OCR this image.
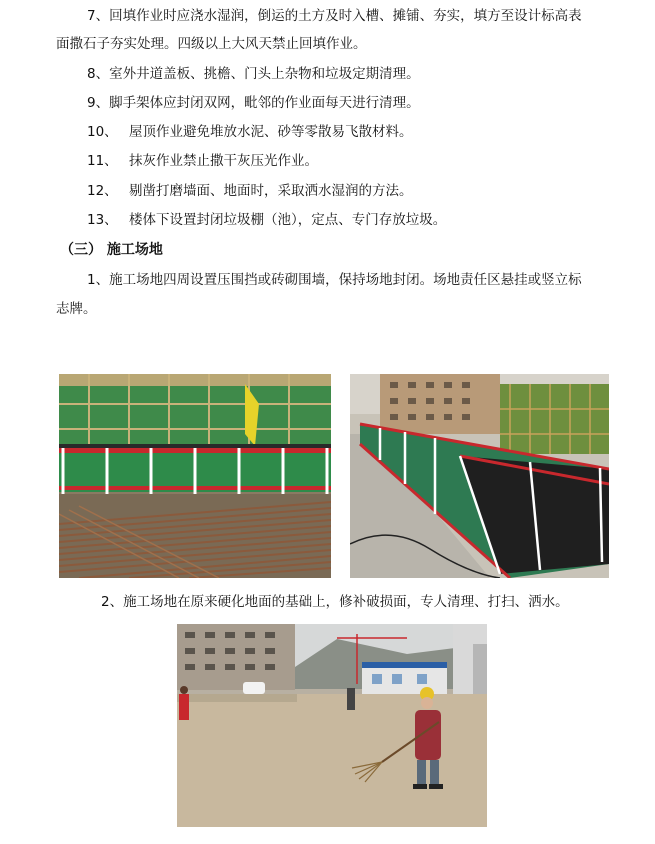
7、回填作业时应浇水湿润，倒运的土方及时入槽、摊铺、夯实，填方至设计标高表
面撒石子夯实处理。四级以上大风天禁止回填作业。
8、室外井道盖板、挑檐、门头上杂物和垃圾定期清理。
9、脚手架体应封闭双网，毗邻的作业面每天进行清理。
10、 屋顶作业避免堆放水泥、砂等零散易飞散材料。
11、 抹灰作业禁止撒干灰压光作业。
12、 剔凿打磨墙面、地面时，采取洒水湿润的方法。
13、 楼体下设置封闭垃圾棚（池），定点、专门存放垃圾。
（三） 施工场地
1、施工场地四周设置压围挡或砖砌围墙，保持场地封闭。场地责任区悬挂或竖立标
志牌。
2、施工场地在原来硬化地面的基础上，修补破损面，专人清理、打扫、洒水。
